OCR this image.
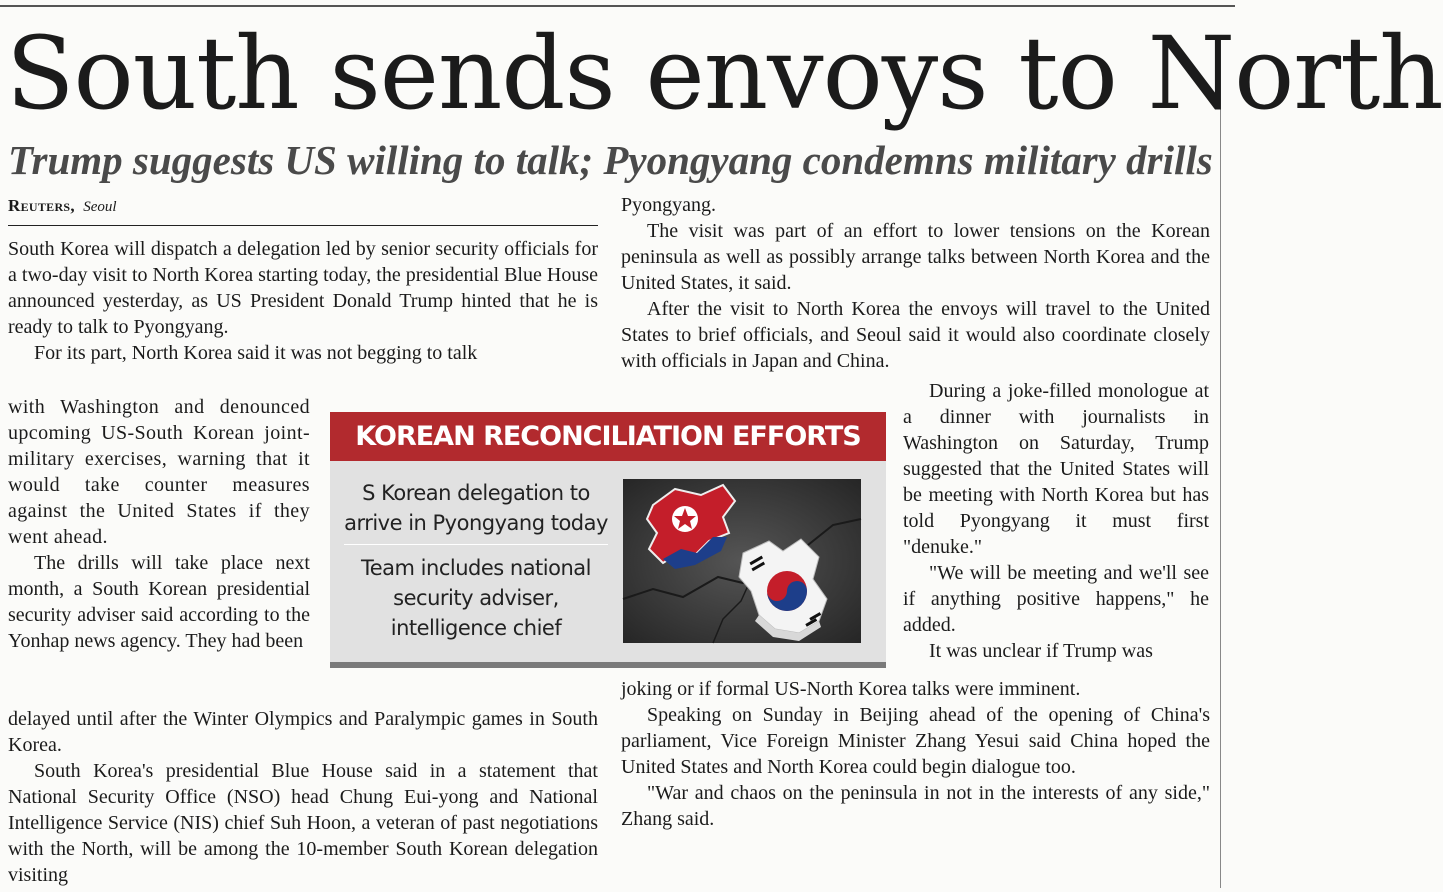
South sends envoys to North
Trump suggests US willing to talk; Pyongyang condemns military drills
Reuters, Seoul

South Korea will dispatch a delegation led by senior security officials for a two-day visit to North Korea starting today, the presidential Blue House announced yesterday, as US President Donald Trump hinted that he is ready to talk to Pyongyang.

For its part, North Korea said it was not begging to talk

with Washington and denounced upcoming US-South Korean joint-military exercises, warning that it would take counter measures against the United States if they went ahead.

The drills will take place next month, a South Korean presidential security adviser said according to the Yonhap news agency. They had been

delayed until after the Winter Olympics and Paralympic games in South Korea.

South Korea's presidential Blue House said in a statement that National Security Office (NSO) head Chung Eui-yong and National Intelligence Service (NIS) chief Suh Hoon, a veteran of past negotiations with the North, will be among the 10-member South Korean delegation visiting

Pyongyang.

The visit was part of an effort to lower tensions on the Korean peninsula as well as possibly arrange talks between North Korea and the United States, it said.

After the visit to North Korea the envoys will travel to the United States to brief officials, and Seoul said it would also coordinate closely with officials in Japan and China.

During a joke-filled monologue at a dinner with journalists in Washington on Saturday, Trump suggested that the United States will be meeting with North Korea but has told Pyongyang it must first "denuke."

"We will be meeting and we'll see if anything positive happens," he added.

It was unclear if Trump was

joking or if formal US-North Korea talks were imminent.

Speaking on Sunday in Beijing ahead of the opening of China's parliament, Vice Foreign Minister Zhang Yesui said China hoped the United States and North Korea could begin dialogue too.

"War and chaos on the peninsula in not in the interests of any side," Zhang said.

KOREAN RECONCILIATION EFFORTS
S Korean delegation to arrive in Pyongyang today
Team includes national security adviser, intelligence chief
